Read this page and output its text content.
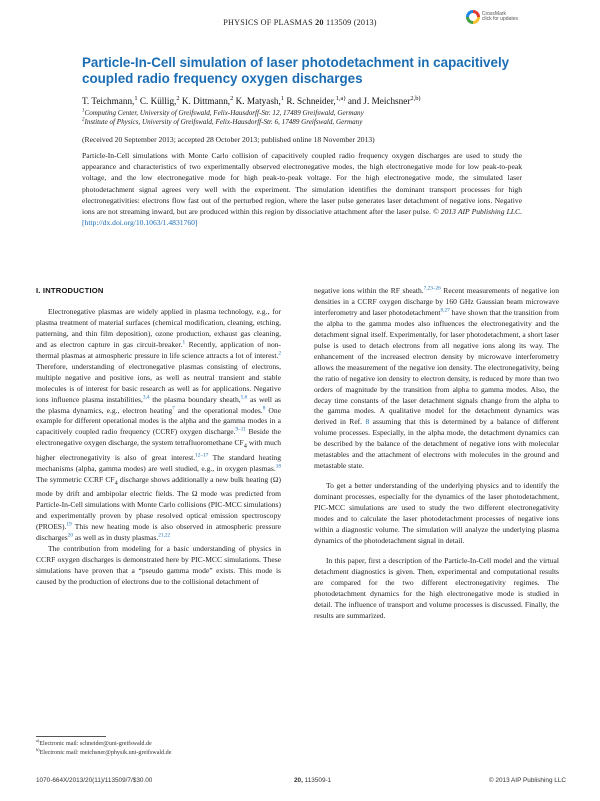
PHYSICS OF PLASMAS 20 113509 (2013)
CrossMark
click for updates
Particle-In-Cell simulation of laser photodetachment in capacitively coupled radio frequency oxygen discharges
T. Teichmann,$^1$ C. Küllig,$^2$ K. Dittmann,$^2$ K. Matyash,$^1$ R. Schneider,$^{1,a)}$ and J. Meichsner$^{2,b)}$
$^1$Computing Center, University of Greifswald, Felix-Hausdorff-Str. 12, 17489 Greifswald, Germany
$^2$Institute of Physics, University of Greifswald, Felix-Hausdorff-Str. 6, 17489 Greifswald, Germany
(Received 20 September 2013; accepted 28 October 2013; published online 18 November 2013)
Particle-In-Cell simulations with Monte Carlo collision of capacitively coupled radio frequency oxygen discharges are used to study the appearance and characteristics of two experimentally observed electronegative modes, the high electronegative mode for low peak-to-peak voltage, and the low electronegative mode for high peak-to-peak voltage. For the high electronegative mode, the simulated laser photodetachment signal agrees very well with the experiment. The simulation identifies the dominant transport processes for high electronegativities: electrons flow fast out of the perturbed region, where the laser pulse generates laser detachment of negative ions. Negative ions are not streaming inward, but are produced within this region by dissociative attachment after the laser pulse. © 2013 AIP Publishing LLC. [http://dx.doi.org/10.1063/1.4831760]
I. INTRODUCTION

Electronegative plasmas are widely applied in plasma technology, e.g., for plasma treatment of material surfaces (chemical modification, cleaning, etching, patterning, and thin film deposition), ozone production, exhaust gas cleaning, and as electron capture in gas circuit-breaker.$^1$ Recently, application of non-thermal plasmas at atmospheric pressure in life science attracts a lot of interest.$^2$ Therefore, understanding of electronegative plasmas consisting of electrons, multiple negative and positive ions, as well as neutral transient and stable molecules is of interest for basic research as well as for applications. Negative ions influence plasma instabilities,$^{3,4}$ the plasma boundary sheath,$^{5,6}$ as well as the plasma dynamics, e.g., electron heating$^7$ and the operational modes.$^8$ One example for different operational modes is the alpha and the gamma modes in a capacitively coupled radio frequency (CCRF) oxygen discharge.$^{9-11}$ Beside the electronegative oxygen discharge, the system tetrafluoromethane $CF_4$ with much higher electronegativity is also of great interest.$^{12-17}$ The standard heating mechanisms (alpha, gamma modes) are well studied, e.g., in oxygen plasmas.$^{18}$ The symmetric CCRF $CF_4$ discharge shows additionally a new bulk heating (Ω) mode by drift and ambipolar electric fields. The Ω mode was predicted from Particle-In-Cell simulations with Monte Carlo collisions (PIC-MCC simulations) and experimentally proven by phase resolved optical emission spectroscopy (PROES).$^{19}$ This new heating mode is also observed in atmospheric pressure discharges$^{20}$ as well as in dusty plasmas.$^{21,22}$

The contribution from modeling for a basic understanding of physics in CCRF oxygen discharges is demonstrated here by PIC-MCC simulations. These simulations have proven that a “pseudo gamma mode” exists. This mode is caused by the production of electrons due to the collisional detachment of

negative ions within the RF sheath.$^{7,23-26}$ Recent measurements of negative ion densities in a CCRF oxygen discharge by 160 GHz Gaussian beam microwave interferometry and laser photodetachment$^{8,27}$ have shown that the transition from the alpha to the gamma modes also influences the electronegativity and the detachment signal itself. Experimentally, for laser photodetachment, a short laser pulse is used to detach electrons from all negative ions along its way. The enhancement of the increased electron density by microwave interferometry allows the measurement of the negative ion density. The electronegativity, being the ratio of negative ion density to electron density, is reduced by more than two orders of magnitude by the transition from alpha to gamma modes. Also, the decay time constants of the laser detachment signals change from the alpha to the gamma modes. A qualitative model for the detachment dynamics was derived in Ref. 8 assuming that this is determined by a balance of different volume processes. Especially, in the alpha mode, the detachment dynamics can be described by the balance of the detachment of negative ions with molecular metastables and the attachment of electrons with molecules in the ground and metastable state.

To get a better understanding of the underlying physics and to identify the dominant processes, especially for the dynamics of the laser photodetachment, PIC-MCC simulations are used to study the two different electronegativity modes and to calculate the laser photodetachment processes of negative ions within a diagnostic volume. The simulation will analyze the underlying plasma dynamics of the photodetachment signal in detail.

In this paper, first a description of the Particle-In-Cell model and the virtual detachment diagnostics is given. Then, experimental and computational results are compared for the two different electronegativity regimes. The photodetachment dynamics for the high electronegative mode is studied in detail. The influence of transport and volume processes is discussed. Finally, the results are summarized.

$^{a)}$Electronic mail: schneider@uni-greifswald.de
$^{b)}$Electronic mail: meichsner@physik.uni-greifswald.de
1070-664X/2013/20(11)/113509/7/$30.00	20, 113509-1	© 2013 AIP Publishing LLC
